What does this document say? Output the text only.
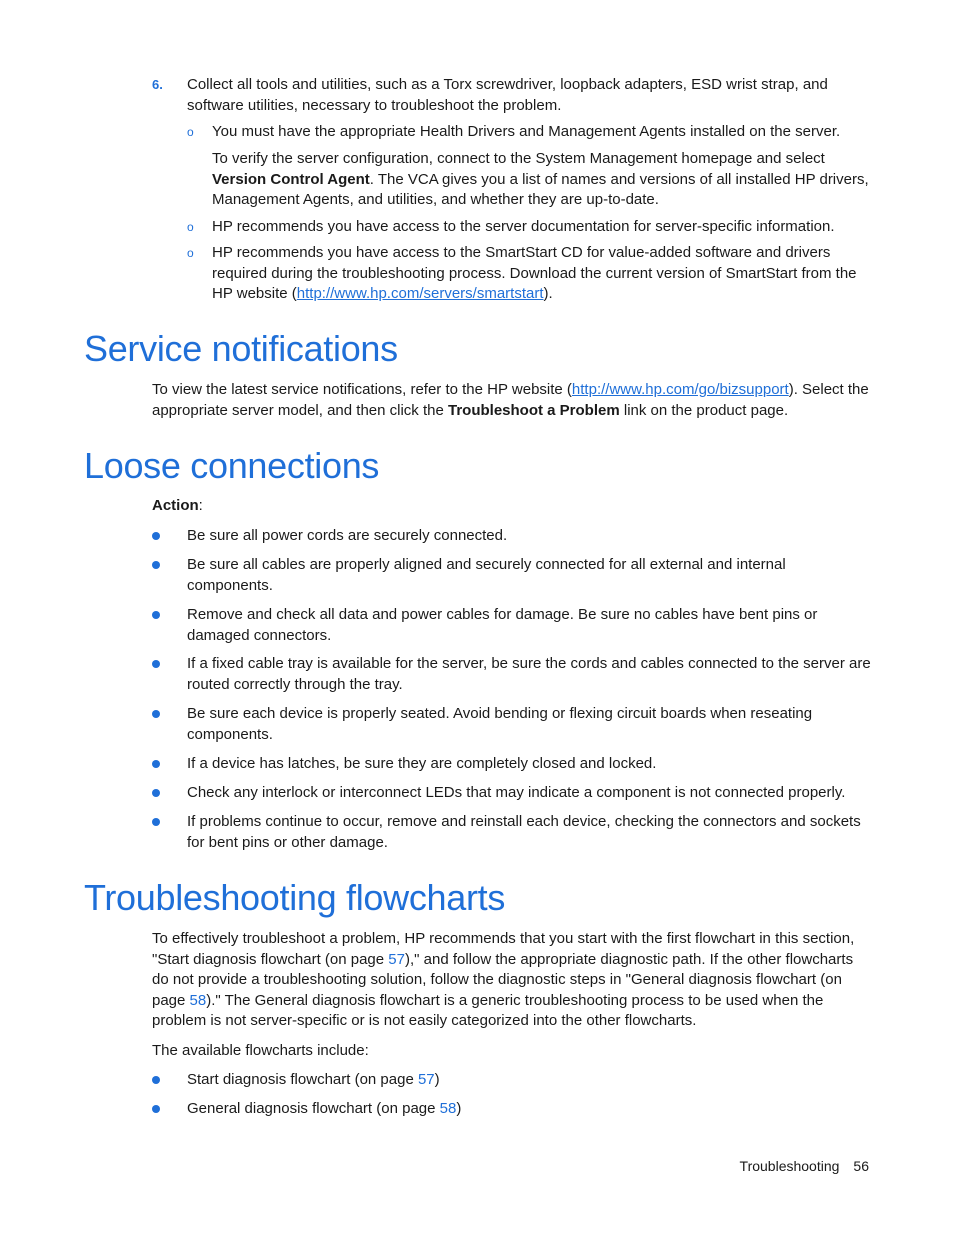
6. Collect all tools and utilities, such as a Torx screwdriver, loopback adapters, ESD wrist strap, and software utilities, necessary to troubleshoot the problem.
o You must have the appropriate Health Drivers and Management Agents installed on the server.
To verify the server configuration, connect to the System Management homepage and select Version Control Agent. The VCA gives you a list of names and versions of all installed HP drivers, Management Agents, and utilities, and whether they are up-to-date.
o HP recommends you have access to the server documentation for server-specific information.
o HP recommends you have access to the SmartStart CD for value-added software and drivers required during the troubleshooting process. Download the current version of SmartStart from the HP website (http://www.hp.com/servers/smartstart).
Service notifications
To view the latest service notifications, refer to the HP website (http://www.hp.com/go/bizsupport). Select the appropriate server model, and then click the Troubleshoot a Problem link on the product page.
Loose connections
Action:
Be sure all power cords are securely connected.
Be sure all cables are properly aligned and securely connected for all external and internal components.
Remove and check all data and power cables for damage. Be sure no cables have bent pins or damaged connectors.
If a fixed cable tray is available for the server, be sure the cords and cables connected to the server are routed correctly through the tray.
Be sure each device is properly seated. Avoid bending or flexing circuit boards when reseating components.
If a device has latches, be sure they are completely closed and locked.
Check any interlock or interconnect LEDs that may indicate a component is not connected properly.
If problems continue to occur, remove and reinstall each device, checking the connectors and sockets for bent pins or other damage.
Troubleshooting flowcharts
To effectively troubleshoot a problem, HP recommends that you start with the first flowchart in this section, "Start diagnosis flowchart (on page 57)," and follow the appropriate diagnostic path. If the other flowcharts do not provide a troubleshooting solution, follow the diagnostic steps in "General diagnosis flowchart (on page 58)." The General diagnosis flowchart is a generic troubleshooting process to be used when the problem is not server-specific or is not easily categorized into the other flowcharts.
The available flowcharts include:
Start diagnosis flowchart (on page 57)
General diagnosis flowchart (on page 58)
Troubleshooting 56
